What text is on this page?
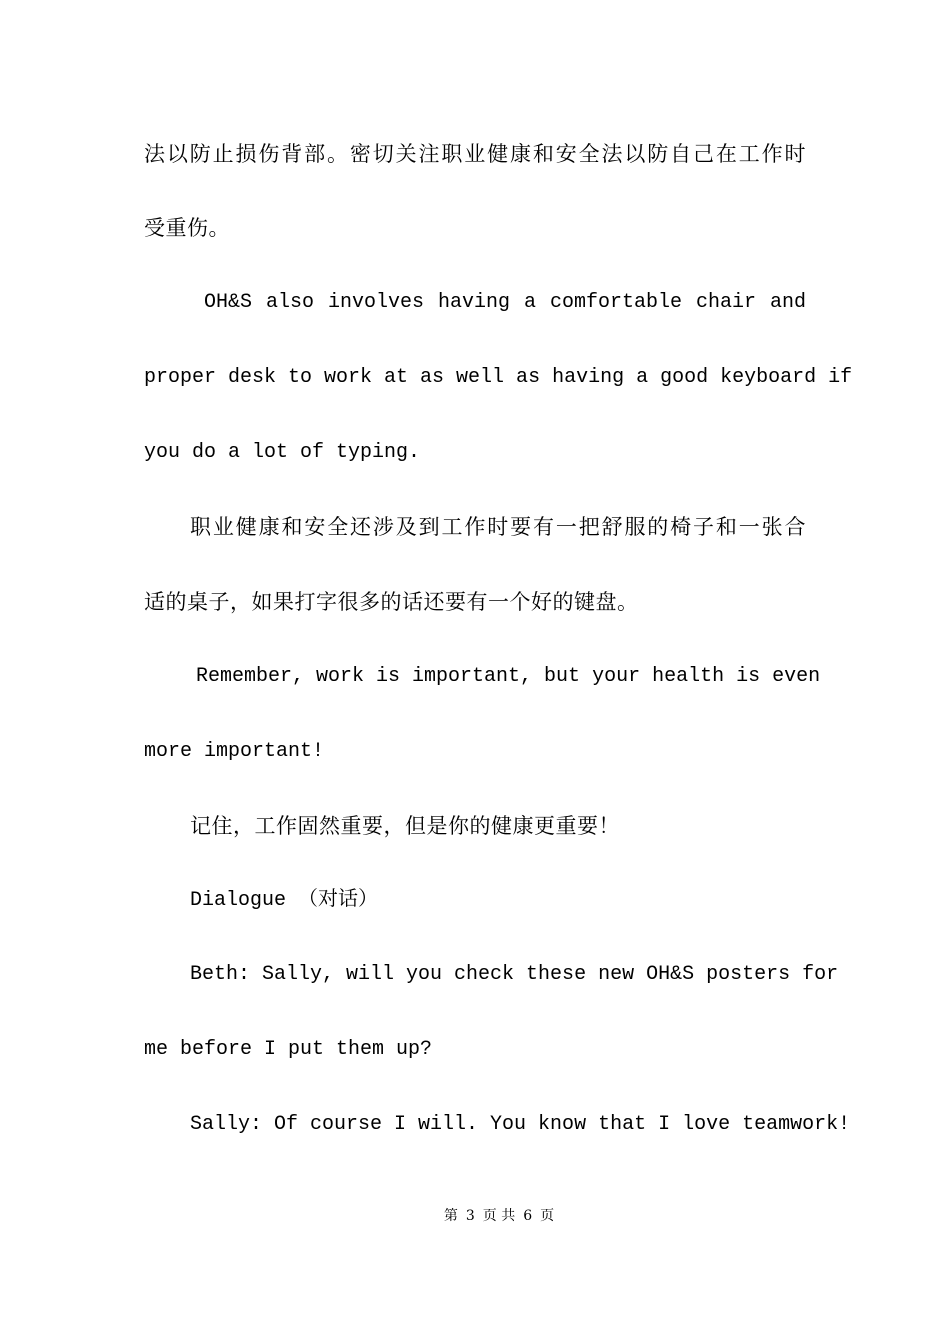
法以防止损伤背部。密切关注职业健康和安全法以防自己在工作时
受重伤。
OH&S also involves having a comfortable chair and
proper desk to work at as well as having a good keyboard if
you do a lot of typing.
职业健康和安全还涉及到工作时要有一把舒服的椅子和一张合
适的桌子，如果打字很多的话还要有一个好的键盘。
Remember, work is important, but your health is even
more important!
记住，工作固然重要，但是你的健康更重要！
Dialogue （对话）
Beth: Sally, will you check these new OH&S posters for
me before I put them up?
Sally: Of course I will. You know that I love teamwork!
第 3 页 共 6 页
